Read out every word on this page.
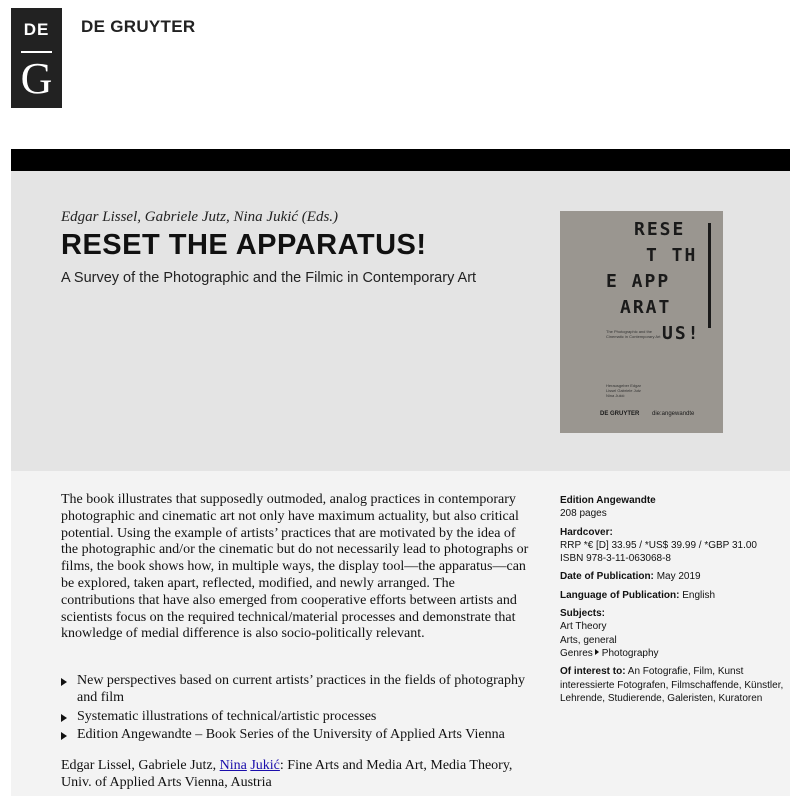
DE
G
DE GRUYTER
Edgar Lissel, Gabriele Jutz, Nina Jukić (Eds.)
RESET THE APPARATUS!
A Survey of the Photographic and the Filmic in Contemporary Art
RESE
T TH
E APP
ARAT
US!
The Photographic and the Cinematic in Contemporary Art
Herausgeber Edgar Lissel Gabriele Jutz Nina Jukić
DE GRUYTER die:angewandte

The book illustrates that supposedly outmoded, analog practices in contemporary photographic and cinematic art not only have maximum actuality, but also critical potential. Using the example of artists’ practices that are motivated by the idea of the photographic and/or the cinematic but do not necessarily lead to photographs or films, the book shows how, in multiple ways, the display tool—the apparatus—can be explored, taken apart, reflected, modified, and newly arranged. The contributions that have also emerged from cooperative efforts between artists and scientists focus on the required technical/material processes and demonstrate that knowledge of medial difference is also socio-politically relevant.

New perspectives based on current artists’ practices in the fields of photography and film
Systematic illustrations of technical/artistic processes
Edition Angewandte – Book Series of the University of Applied Arts Vienna

Edgar Lissel, Gabriele Jutz, Nina Jukić: Fine Arts and Media Art, Media Theory, Univ. of Applied Arts Vienna, Austria

Edition Angewandte
208 pages
Hardcover:
RRP *€ [D] 33.95 / *US$ 39.99 / *GBP 31.00
ISBN 978-3-11-063068-8
Date of Publication: May 2019
Language of Publication: English
Subjects:
Art Theory
Arts, general
Genres Photography
Of interest to: An Fotografie, Film, Kunst interessierte Fotografen, Filmschaffende, Künstler, Lehrende, Studierende, Galeristen, Kuratoren
